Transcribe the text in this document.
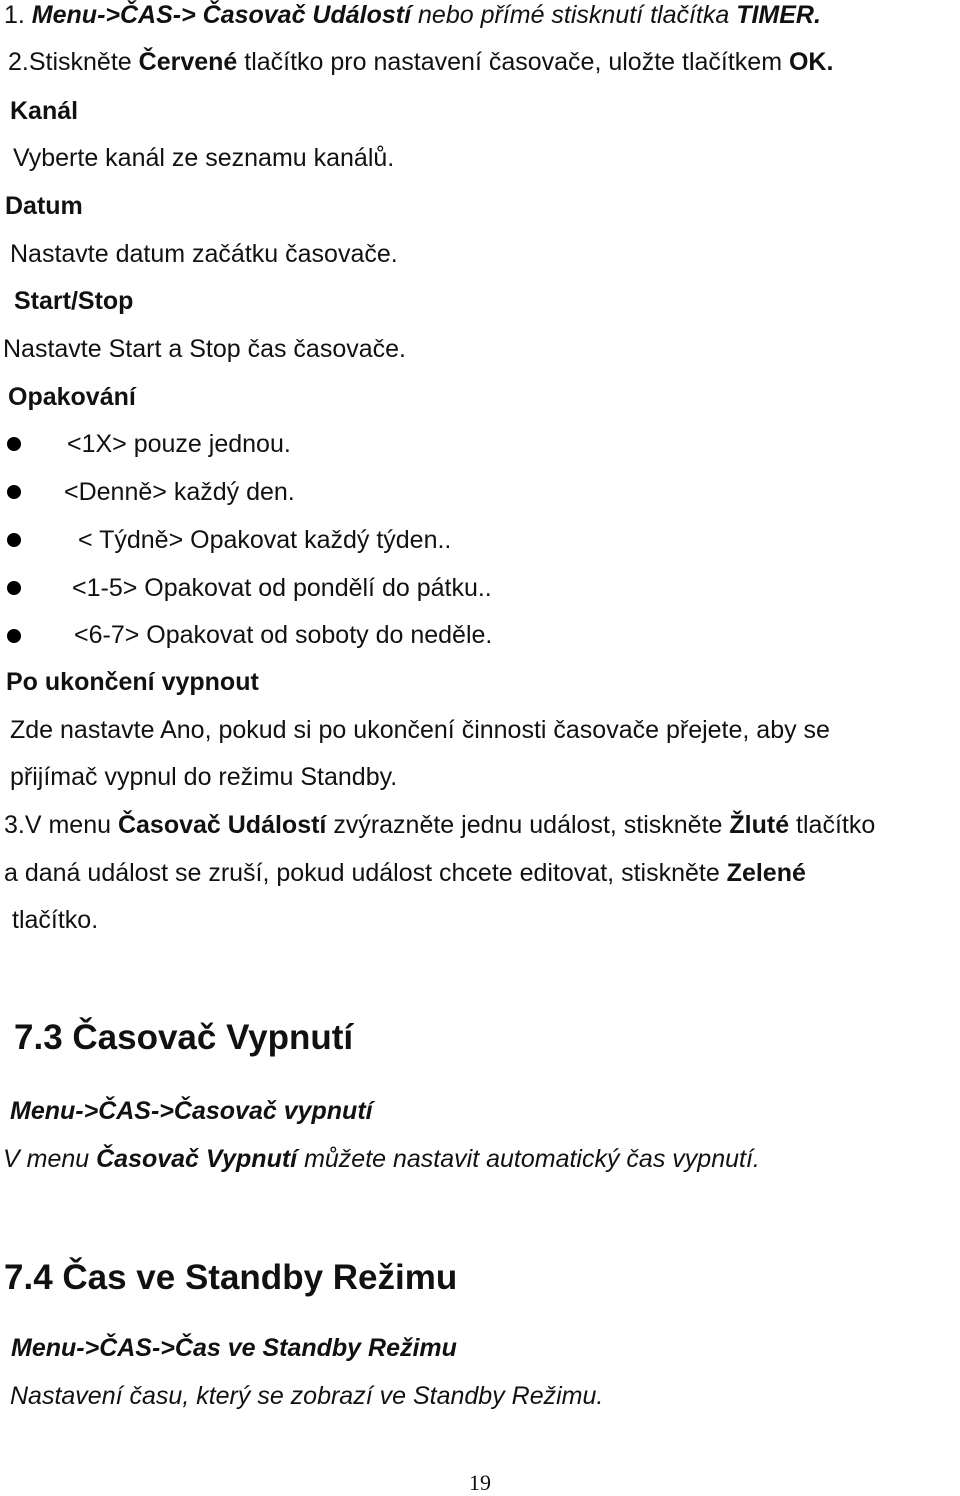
1. Menu->ČAS-> Časovač Událostí nebo přímé stisknutí tlačítka TIMER.
2.Stiskněte Červené tlačítko pro nastavení časovače, uložte tlačítkem OK.
Kanál
Vyberte kanál ze seznamu kanálů.
Datum
Nastavte datum začátku časovače.
Start/Stop
Nastavte Start a Stop čas časovače.
Opakování
<1X> pouze jednou.
<Denně> každý den.
< Týdně> Opakovat každý týden..
<1-5> Opakovat od pondělí do pátku..
<6-7> Opakovat od soboty do neděle.
Po ukončení vypnout
Zde nastavte Ano, pokud si po ukončení činnosti časovače přejete, aby se
přijímač vypnul do režimu Standby.
3.V menu Časovač Událostí zvýrazněte jednu událost, stiskněte Žluté tlačítko
a daná událost se zruší, pokud událost chcete editovat, stiskněte Zelené
tlačítko.
7.3 Časovač Vypnutí
Menu->ČAS->Časovač vypnutí
V menu Časovač Vypnutí můžete nastavit automatický čas vypnutí.
7.4 Čas ve Standby Režimu
Menu->ČAS->Čas ve Standby Režimu
Nastavení času, který se zobrazí ve Standby Režimu.
19
